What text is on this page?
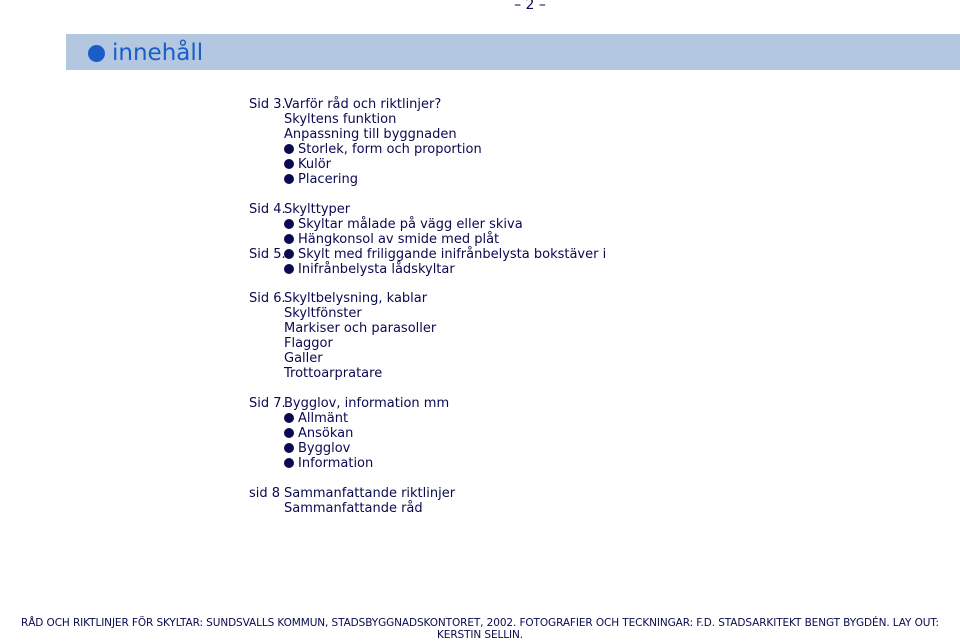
– 2 –
innehåll
Sid 3.
Varför råd och riktlinjer?
Skyltens funktion
Anpassning till byggnaden
Storlek, form och proportion
Kulör
Placering
Sid 4.
Skylttyper
Skyltar målade på vägg eller skiva
Hängkonsol av smide med plåt
Sid 5. Skylt med friliggande inifrånbelysta bokstäver i
Inifrånbelysta lådskyltar
Sid 6.
Skyltbelysning, kablar
Skyltfönster
Markiser och parasoller
Flaggor
Galler
Trottoarpratare
Sid 7.
Bygglov, information mm
Allmänt
Ansökan
Bygglov
Information
sid 8 Sammanfattande riktlinjer
Sammanfattande råd
RÅD OCH RIKTLINJER FÖR SKYLTAR: SUNDSVALLS KOMMUN, STADSBYGGNADSKONTORET, 2002. FOTOGRAFIER OCH TECKNINGAR: F.D. STADSARKITEKT BENGT BYGDÉN. LAY OUT: KERSTIN SELLIN.
